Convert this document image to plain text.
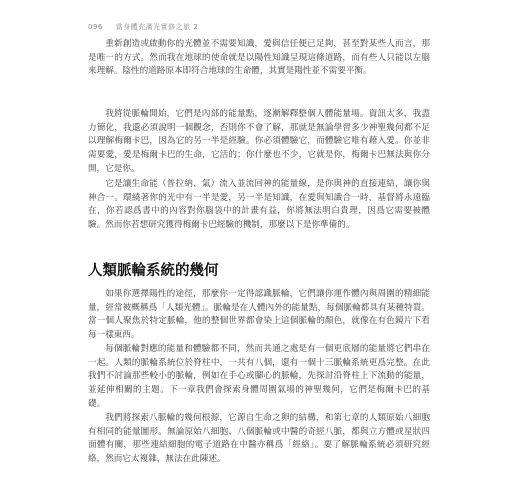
096 當身體充滿光實修之旅 2

重新創造或啟動你的光體並不需要知識，愛與信任便已足夠，甚至對某些人而言，那是唯一的方式。然而我在地球的使命就是以陽性知識呈現這條道路，而有些人只能以左腦來理解。陰性的道路原本即符合地球的生命體，其實是陽性並不需要平衡。

我將從脈輪開始，它們是內部的能量點，逐漸解釋整個人體能量場。資訊太多，我盡力簡化，我還必須說明一個觀念，否則你不會了解，那就是無論學習多少神聖幾何都不足以理解梅爾卡巴，因為它的另一半是經驗。你必須體驗它，而體驗它唯有藉入愛。你並非需要愛，愛是梅爾卡巴的生命，它活的；你什麼也不少，它就是你，梅爾卡巴無法與你分開，它是你。

它是讓生命能（普拉納、氣）流入並流回神的能量線，是你與神的直接連結，讓你與神合一。環繞著你的光中有一半是愛，另一半是知識，在愛與知識合一時，基督將永遠臨在，你若認爲書中的內容對你腦袋中的計畫有益，你將無法明白貴理，因爲它需要被體驗。然而你若想研究獲得梅爾卡巴經驗的機制，那麼以下是你準備的。

人類脈輪系統的幾何

如果你選擇陽性的途徑，那麼你一定得認識脈輪，它們讓你運作體內與周圍的精細能量，經常被概稱爲「人類光體」。脈輪是在人體內外的能量點，每個脈輪都具有某種特質。當一個人聚焦於特定脈輪，他的整個世界都會染上這個脈輪的顏色，就像在有色鏡片下看每一樣東西。

每個脈輪對應的能量和體驗都不同，然而共通之處是有一個更底層的能量將它們串在一起。人類的脈輪系統位於脊柱中，一共有八個，還有一個十三脈輪系統更爲完整。在此我們不討論那些較小的脈輪，例如在手心或腳心的脈輪，先探討沿脊柱上下流動的能量，並延伸相關的主題。下一章我們會探索身體周圍氣場的神聖幾何，它們是梅爾卡巴的基礎。

我們將探索八脈輪的幾何根源，它源自生命之卵的結構，和第七章的人類原始八細胞有相同的能量圖形。無論原始八細胞、八個脈輪或中醫的奇經八脈，都與立方體或星狀四面體有關，那些連結細胞的電子道路在中醫亦稱爲「經絡」。要了解脈輪系統必須研究經絡，然而它太複雜，無法在此陳述。
